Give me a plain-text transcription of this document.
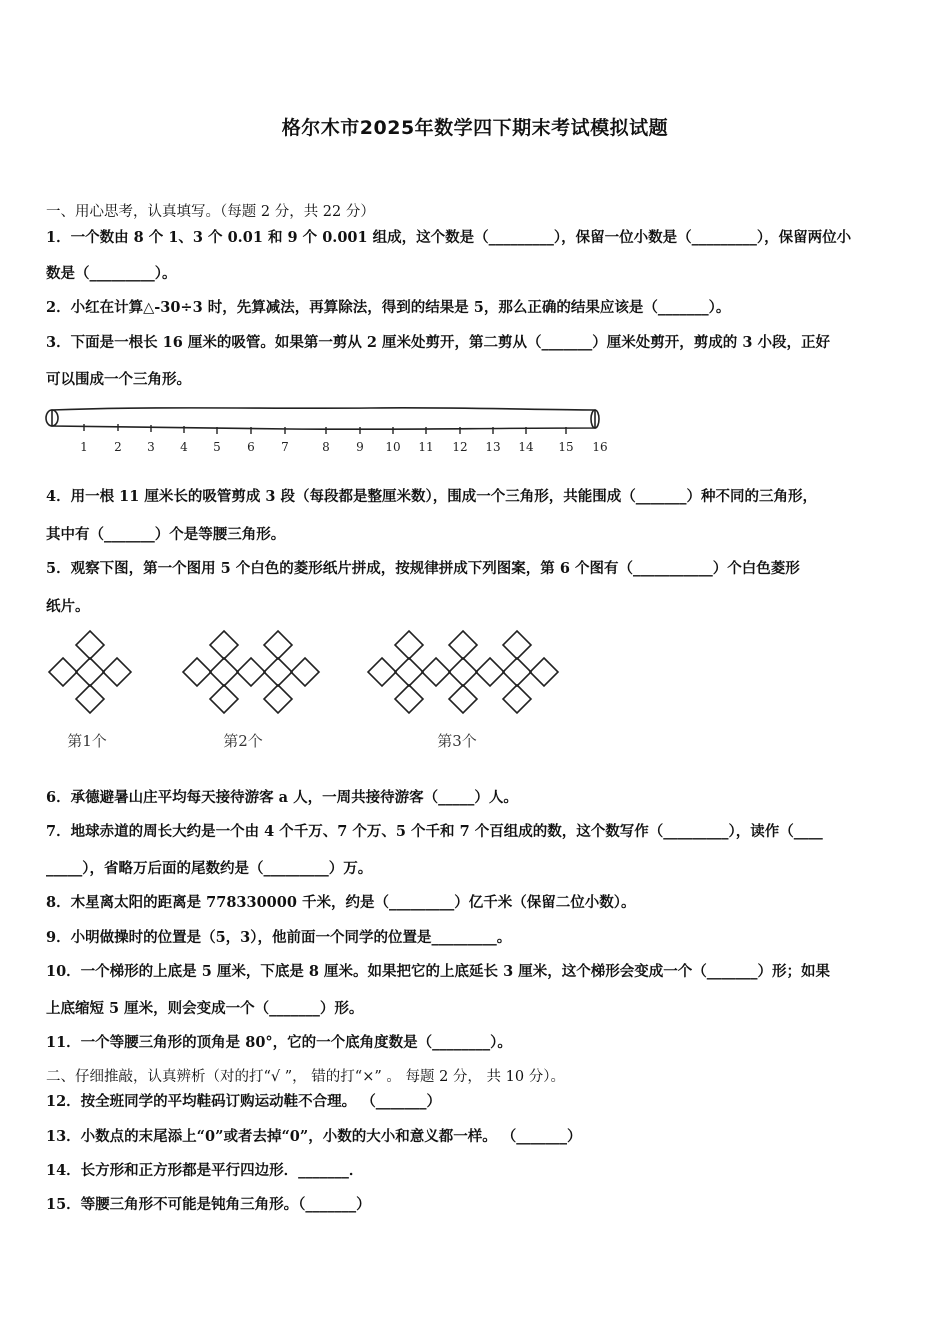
格尔木市2025年数学四下期末考试模拟试题
一、用心思考，认真填写。（每题 2 分，共 22 分）
1．一个数由 8 个 1、3 个 0.01 和 9 个 0.001 组成，这个数是（_________），保留一位小数是（_________），保留两位小
数是（_________）。
2．小红在计算△-30÷3 时，先算减法，再算除法，得到的结果是 5，那么正确的结果应该是（_______）。
3．下面是一根长 16 厘米的吸管。如果第一剪从 2 厘米处剪开，第二剪从（_______）厘米处剪开，剪成的 3 小段，正好
可以围成一个三角形。
1 2 3 4 5 6 7	8 9 10 11 12 13 14 15 16
4．用一根 11 厘米长的吸管剪成 3 段（每段都是整厘米数），围成一个三角形，共能围成（_______）种不同的三角形，
其中有（_______）个是等腰三角形。
5．观察下图，第一个图用 5 个白色的菱形纸片拼成，按规律拼成下列图案，第 6 个图有（___________）个白色菱形
纸片。
第1个	第2个	第3个
6．承德避暑山庄平均每天接待游客 a 人，一周共接待游客（_____）人。
7．地球赤道的周长大约是一个由 4 个千万、7 个万、5 个千和 7 个百组成的数，这个数写作（_________），读作（____
_____），省略万后面的尾数约是（_________）万。
8．木星离太阳的距离是 778330000 千米，约是（_________）亿千米（保留二位小数）。
9．小明做操时的位置是（5，3），他前面一个同学的位置是_________。
10．一个梯形的上底是 5 厘米，下底是 8 厘米。如果把它的上底延长 3 厘米，这个梯形会变成一个（_______）形；如果
上底缩短 5 厘米，则会变成一个（_______）形。
11．一个等腰三角形的顶角是 80°，它的一个底角度数是（________）。
二、仔细推敲，认真辨析（对的打“√ ”， 错的打“×” 。 每题 2 分， 共 10 分）。
12．按全班同学的平均鞋码订购运动鞋不合理。 （_______）
13．小数点的末尾添上“0”或者去掉“0”，小数的大小和意义都一样。 （_______）
14．长方形和正方形都是平行四边形．_______．
15．等腰三角形不可能是钝角三角形。（_______）
